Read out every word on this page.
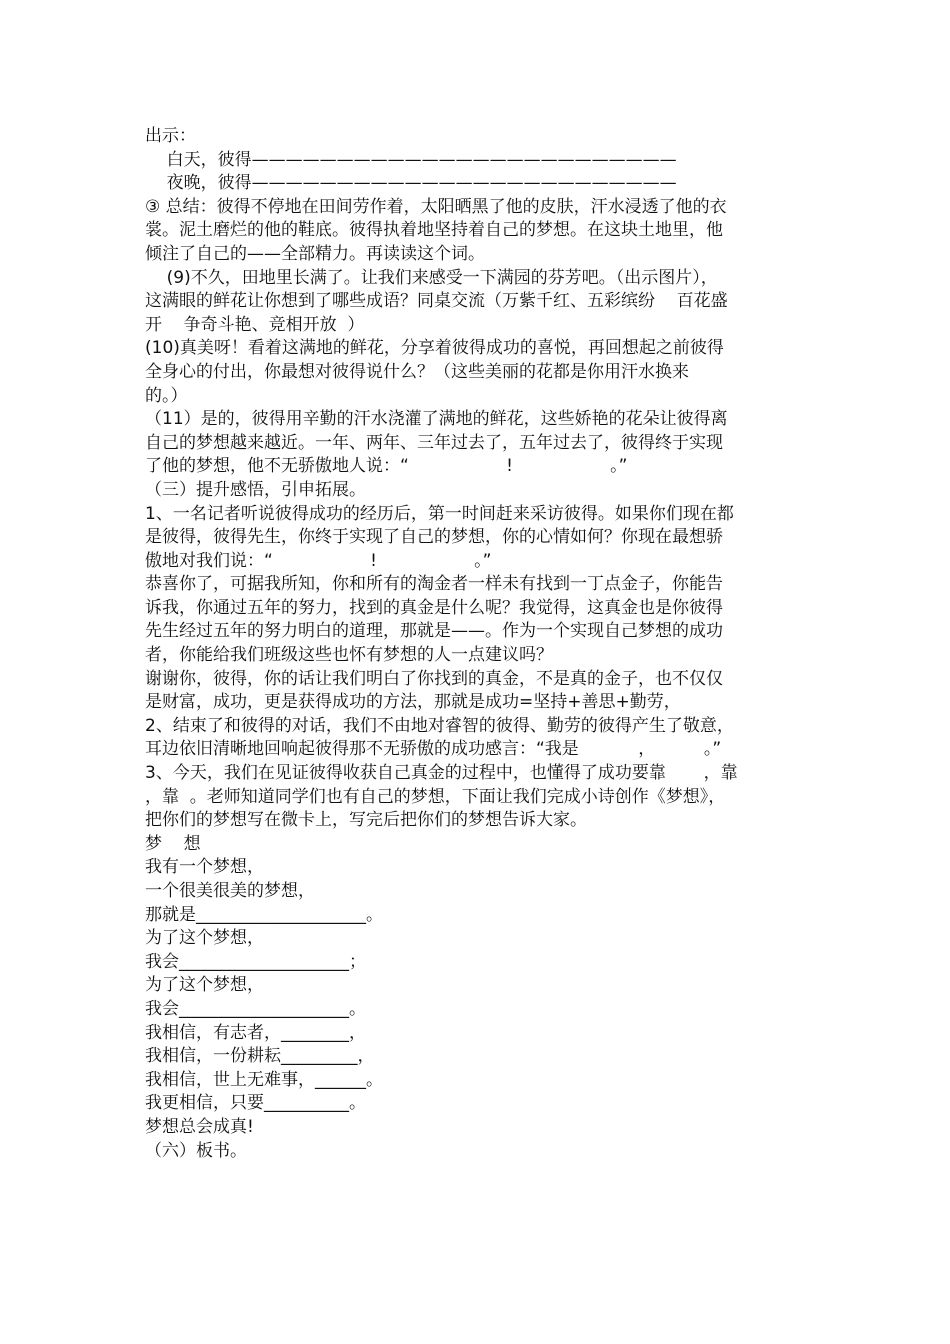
出示：
白天，彼得—————————————————————————
夜晚，彼得—————————————————————————
③ 总结：彼得不停地在田间劳作着，太阳晒黑了他的皮肤，汗水浸透了他的衣
裳。泥土磨烂的他的鞋底。彼得执着地坚持着自己的梦想。在这块土地里，他
倾注了自己的——全部精力。再读读这个词。
(9)不久，田地里长满了。让我们来感受一下满园的芬芳吧。（出示图片），
这满眼的鲜花让你想到了哪些成语？同桌交流（万紫千红、五彩缤纷    百花盛
开    争奇斗艳、竞相开放  ）
(10)真美呀！看着这满地的鲜花，分享着彼得成功的喜悦，再回想起之前彼得
全身心的付出，你最想对彼得说什么？（这些美丽的花都是你用汗水换来
的。）
（11）是的，彼得用辛勤的汗水浇灌了满地的鲜花，这些娇艳的花朵让彼得离
自己的梦想越来越近。一年、两年、三年过去了，五年过去了，彼得终于实现
了他的梦想，他不无骄傲地人说：“                  !                  。”
（三）提升感悟，引申拓展。
1、一名记者听说彼得成功的经历后，第一时间赶来采访彼得。如果你们现在都
是彼得，彼得先生，你终于实现了自己的梦想，你的心情如何？你现在最想骄
傲地对我们说：“                  !                  。”
恭喜你了，可据我所知，你和所有的淘金者一样未有找到一丁点金子，你能告
诉我，你通过五年的努力，找到的真金是什么呢？我觉得，这真金也是你彼得
先生经过五年的努力明白的道理，那就是——。作为一个实现自己梦想的成功
者，你能给我们班级这些也怀有梦想的人一点建议吗？
谢谢你，彼得，你的话让我们明白了你找到的真金，不是真的金子，也不仅仅
是财富，成功，更是获得成功的方法，那就是成功=坚持+善思+勤劳，
2、结束了和彼得的对话，我们不由地对睿智的彼得、勤劳的彼得产生了敬意，
耳边依旧清晰地回响起彼得那不无骄傲的成功感言：“我是           ，         。”
3、今天，我们在见证彼得收获自己真金的过程中，也懂得了成功要靠       ，靠
，靠  。老师知道同学们也有自己的梦想，下面让我们完成小诗创作《梦想》，
把你们的梦想写在微卡上，写完后把你们的梦想告诉大家。
梦    想
我有一个梦想，
一个很美很美的梦想，
那就是____________________。
为了这个梦想，
我会____________________；
为了这个梦想，
我会____________________。
我相信，有志者，________，
我相信，一份耕耘_________，
我相信，世上无难事，______。
我更相信，只要__________。
梦想总会成真!
（六）板书。
